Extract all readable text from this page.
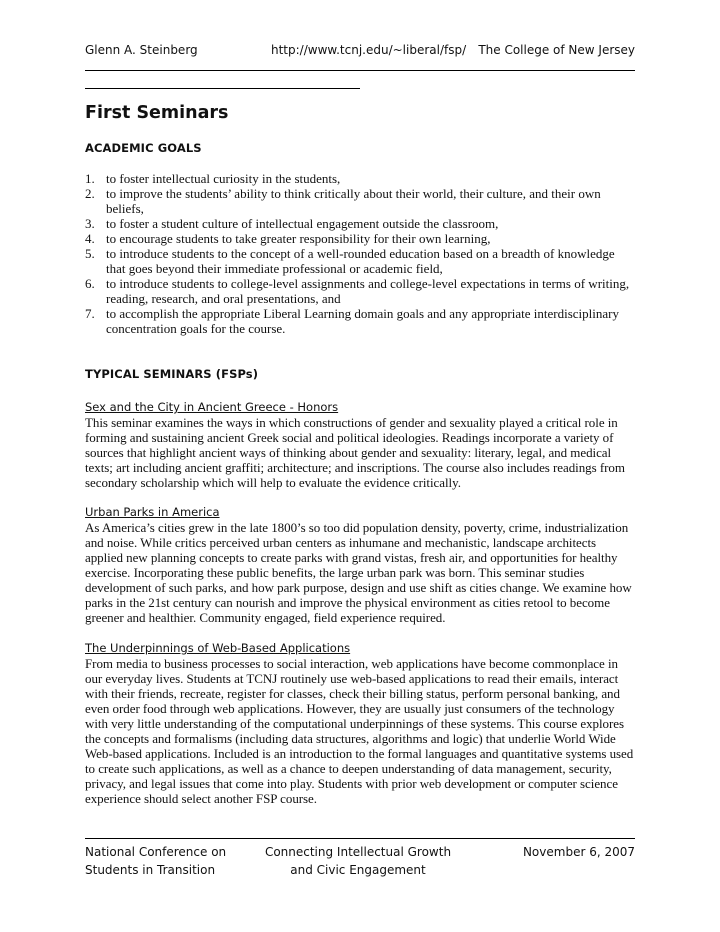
Glenn A. Steinberg	http://www.tcnj.edu/~liberal/fsp/ The College of New Jersey
First Seminars
ACADEMIC GOALS
1. to foster intellectual curiosity in the students,
2. to improve the students’ ability to think critically about their world, their culture, and their own beliefs,
3. to foster a student culture of intellectual engagement outside the classroom,
4. to encourage students to take greater responsibility for their own learning,
5. to introduce students to the concept of a well-rounded education based on a breadth of knowledge that goes beyond their immediate professional or academic field,
6. to introduce students to college-level assignments and college-level expectations in terms of writing, reading, research, and oral presentations, and
7. to accomplish the appropriate Liberal Learning domain goals and any appropriate interdisciplinary concentration goals for the course.
TYPICAL SEMINARS (FSPs)
Sex and the City in Ancient Greece - Honors

This seminar examines the ways in which constructions of gender and sexuality played a critical role in forming and sustaining ancient Greek social and political ideologies. Readings incorporate a variety of sources that highlight ancient ways of thinking about gender and sexuality: literary, legal, and medical texts; art including ancient graffiti; architecture; and inscriptions. The course also includes readings from secondary scholarship which will help to evaluate the evidence critically.

Urban Parks in America

As America’s cities grew in the late 1800’s so too did population density, poverty, crime, industrialization and noise. While critics perceived urban centers as inhumane and mechanistic, landscape architects applied new planning concepts to create parks with grand vistas, fresh air, and opportunities for healthy exercise. Incorporating these public benefits, the large urban park was born. This seminar studies development of such parks, and how park purpose, design and use shift as cities change. We examine how parks in the 21st century can nourish and improve the physical environment as cities retool to become greener and healthier. Community engaged, field experience required.

The Underpinnings of Web-Based Applications

From media to business processes to social interaction, web applications have become commonplace in our everyday lives. Students at TCNJ routinely use web-based applications to read their emails, interact with their friends, recreate, register for classes, check their billing status, perform personal banking, and even order food through web applications. However, they are usually just consumers of the technology with very little understanding of the computational underpinnings of these systems. This course explores the concepts and formalisms (including data structures, algorithms and logic) that underlie World Wide Web-based applications. Included is an introduction to the formal languages and quantitative systems used to create such applications, as well as a chance to deepen understanding of data management, security, privacy, and legal issues that come into play. Students with prior web development or computer science experience should select another FSP course.

National Conference on
Students in Transition
Connecting Intellectual Growth
and Civic Engagement
November 6, 2007
